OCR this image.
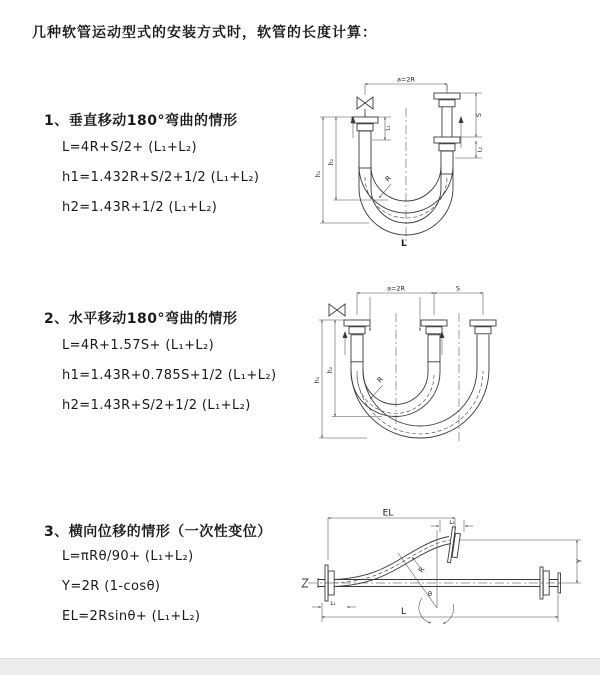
几种软管运动型式的安装方式时，软管的长度计算：
1、垂直移动180°弯曲的情形
L=4R+S/2+ (L₁+L₂)
h1=1.432R+S/2+1/2 (L₁+L₂)
h2=1.43R+1/2 (L₁+L₂)
2、水平移动180°弯曲的情形
L=4R+1.57S+ (L₁+L₂)
h1=1.43R+0.785S+1/2 (L₁+L₂)
h2=1.43R+S/2+1/2 (L₁+L₂)
3、横向位移的情形（一次性变位）
L=πRθ/90+ (L₁+L₂)
Y=2R (1-cosθ)
EL=2Rsinθ+ (L₁+L₂)
a=2R
h₁
h₂
L₁
S
L₂
R
L
a=2R	S
h₁
h₂
R
EL
L₂
Y
θ
R
L₁
L
